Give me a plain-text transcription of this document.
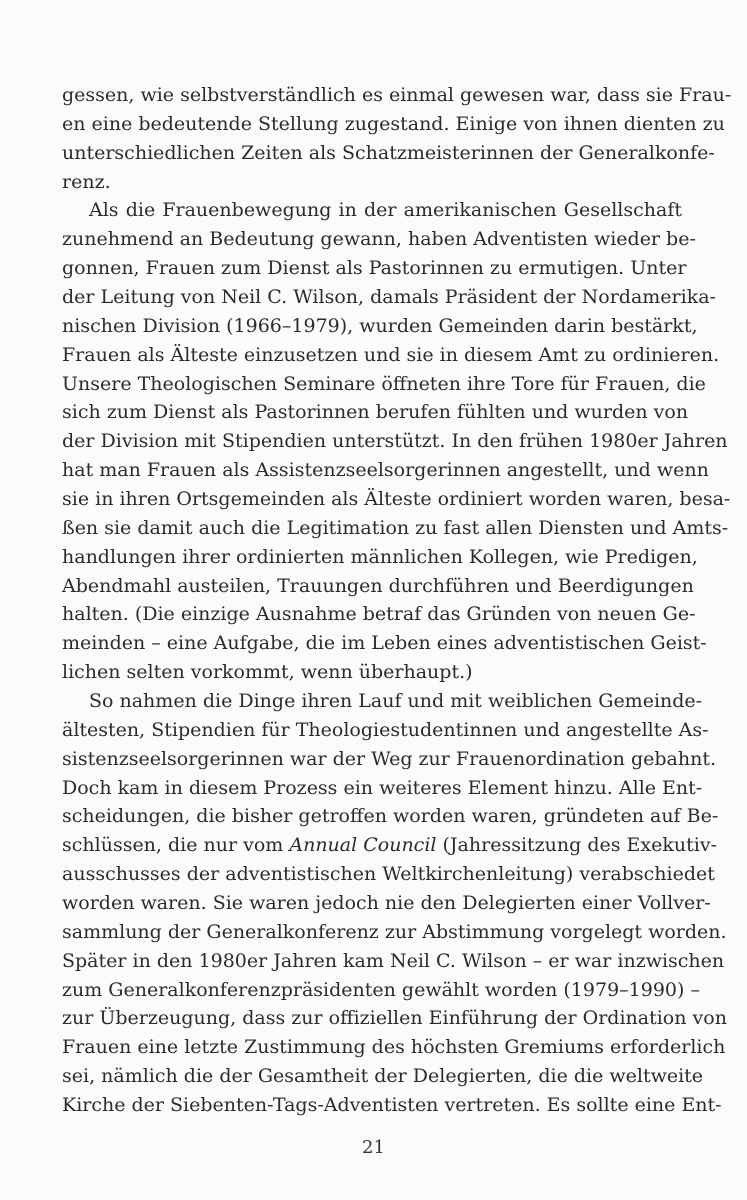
gessen, wie selbstverständlich es einmal gewesen war, dass sie Frau-
en eine bedeutende Stellung zugestand. Einige von ihnen dienten zu
unterschiedlichen Zeiten als Schatzmeisterinnen der Generalkonfe-
renz.
Als die Frauenbewegung in der amerikanischen Gesellschaft
zunehmend an Bedeutung gewann, haben Adventisten wieder be-
gonnen, Frauen zum Dienst als Pastorinnen zu ermutigen. Unter
der Leitung von Neil C. Wilson, damals Präsident der Nordamerika-
nischen Division (1966–1979), wurden Gemeinden darin bestärkt,
Frauen als Älteste einzusetzen und sie in diesem Amt zu ordinieren.
Unsere Theologischen Seminare öffneten ihre Tore für Frauen, die
sich zum Dienst als Pastorinnen berufen fühlten und wurden von
der Division mit Stipendien unterstützt. In den frühen 1980er Jahren
hat man Frauen als Assistenzseelsorgerinnen angestellt, und wenn
sie in ihren Ortsgemeinden als Älteste ordiniert worden waren, besa-
ßen sie damit auch die Legitimation zu fast allen Diensten und Amts-
handlungen ihrer ordinierten männlichen Kollegen, wie Predigen,
Abendmahl austeilen, Trauungen durchführen und Beerdigungen
halten. (Die einzige Ausnahme betraf das Gründen von neuen Ge-
meinden – eine Aufgabe, die im Leben eines adventistischen Geist-
lichen selten vorkommt, wenn überhaupt.)
So nahmen die Dinge ihren Lauf und mit weiblichen Gemeinde-
ältesten, Stipendien für Theologiestudentinnen und angestellte As-
sistenzseelsorgerinnen war der Weg zur Frauenordination gebahnt.
Doch kam in diesem Prozess ein weiteres Element hinzu. Alle Ent-
scheidungen, die bisher getroffen worden waren, gründeten auf Be-
schlüssen, die nur vom Annual Council (Jahressitzung des Exekutiv-
ausschusses der adventistischen Weltkirchenleitung) verabschiedet
worden waren. Sie waren jedoch nie den Delegierten einer Vollver-
sammlung der Generalkonferenz zur Abstimmung vorgelegt worden.
Später in den 1980er Jahren kam Neil C. Wilson – er war inzwischen
zum Generalkonferenzpräsidenten gewählt worden (1979–1990) –
zur Überzeugung, dass zur offiziellen Einführung der Ordination von
Frauen eine letzte Zustimmung des höchsten Gremiums erforderlich
sei, nämlich die der Gesamtheit der Delegierten, die die weltweite
Kirche der Siebenten-Tags-Adventisten vertreten. Es sollte eine Ent-
21
